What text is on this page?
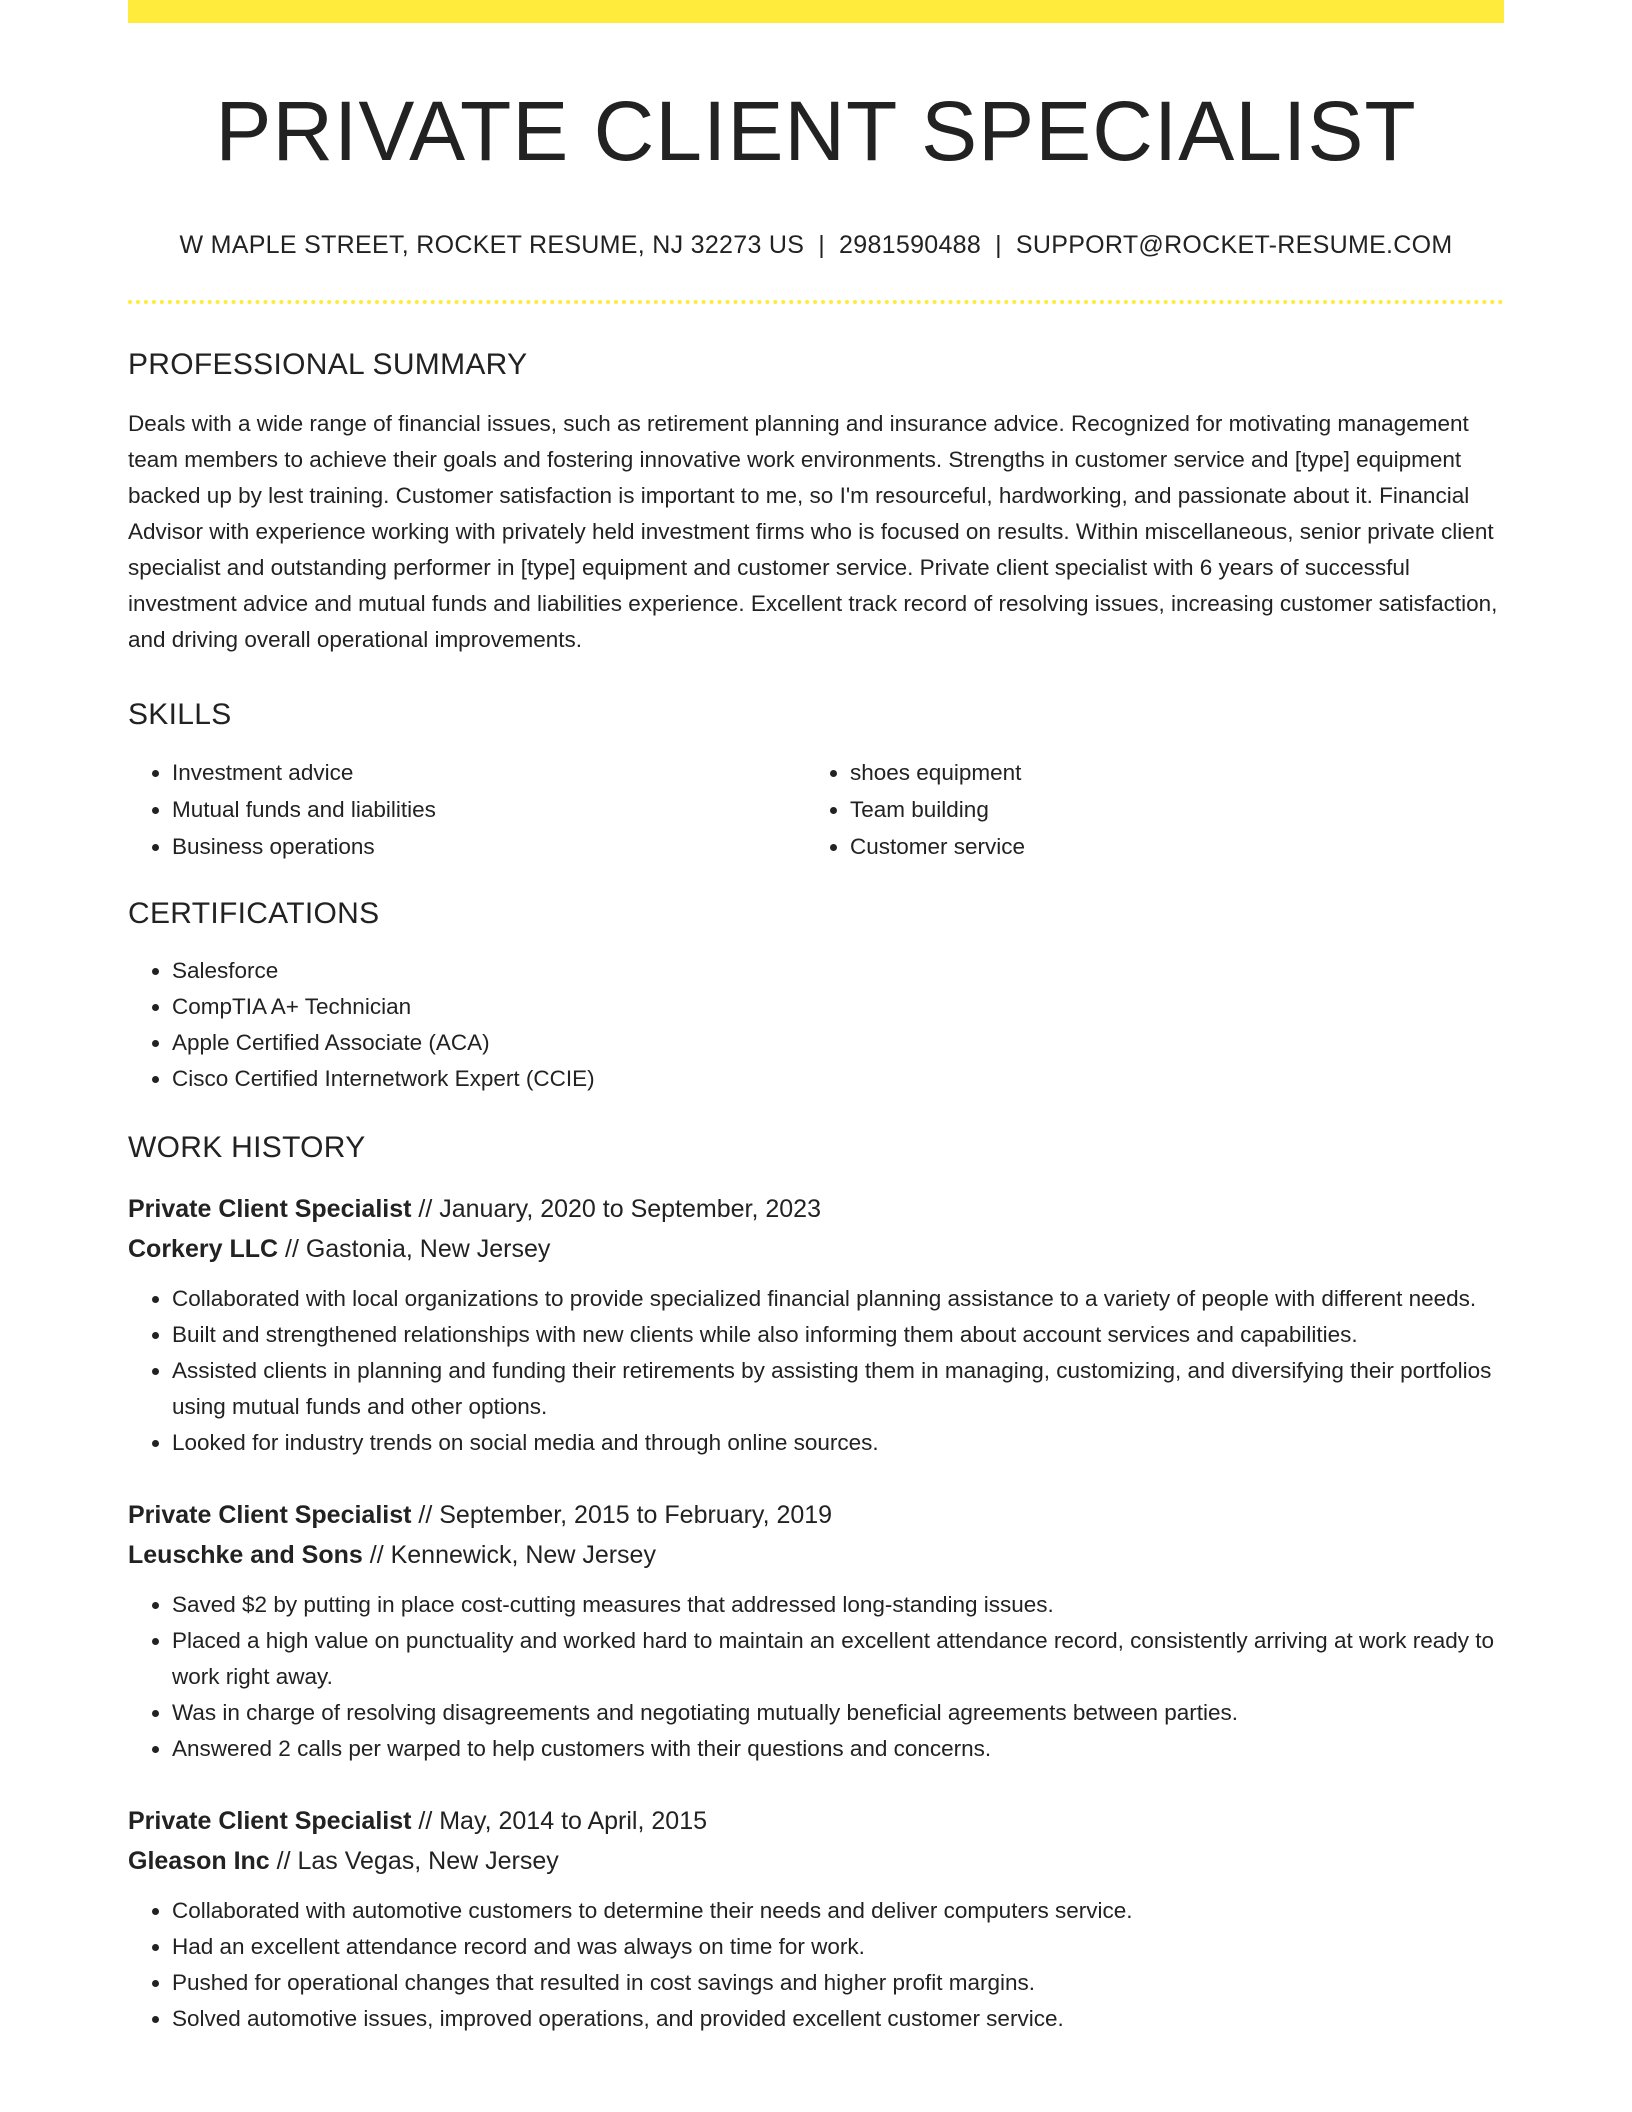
PRIVATE CLIENT SPECIALIST
W MAPLE STREET, ROCKET RESUME, NJ 32273 US | 2981590488 | SUPPORT@ROCKET-RESUME.COM
PROFESSIONAL SUMMARY
Deals with a wide range of financial issues, such as retirement planning and insurance advice. Recognized for motivating management team members to achieve their goals and fostering innovative work environments. Strengths in customer service and [type] equipment backed up by lest training. Customer satisfaction is important to me, so I'm resourceful, hardworking, and passionate about it. Financial Advisor with experience working with privately held investment firms who is focused on results. Within miscellaneous, senior private client specialist and outstanding performer in [type] equipment and customer service. Private client specialist with 6 years of successful investment advice and mutual funds and liabilities experience. Excellent track record of resolving issues, increasing customer satisfaction, and driving overall operational improvements.
SKILLS
• Investment advice
• Mutual funds and liabilities
• Business operations
• shoes equipment
• Team building
• Customer service
CERTIFICATIONS
• Salesforce
• CompTIA A+ Technician
• Apple Certified Associate (ACA)
• Cisco Certified Internetwork Expert (CCIE)
WORK HISTORY
Private Client Specialist // January, 2020 to September, 2023
Corkery LLC // Gastonia, New Jersey
• Collaborated with local organizations to provide specialized financial planning assistance to a variety of people with different needs.
• Built and strengthened relationships with new clients while also informing them about account services and capabilities.
• Assisted clients in planning and funding their retirements by assisting them in managing, customizing, and diversifying their portfolios using mutual funds and other options.
• Looked for industry trends on social media and through online sources.
Private Client Specialist // September, 2015 to February, 2019
Leuschke and Sons // Kennewick, New Jersey
• Saved $2 by putting in place cost-cutting measures that addressed long-standing issues.
• Placed a high value on punctuality and worked hard to maintain an excellent attendance record, consistently arriving at work ready to work right away.
• Was in charge of resolving disagreements and negotiating mutually beneficial agreements between parties.
• Answered 2 calls per warped to help customers with their questions and concerns.
Private Client Specialist // May, 2014 to April, 2015
Gleason Inc // Las Vegas, New Jersey
• Collaborated with automotive customers to determine their needs and deliver computers service.
• Had an excellent attendance record and was always on time for work.
• Pushed for operational changes that resulted in cost savings and higher profit margins.
• Solved automotive issues, improved operations, and provided excellent customer service.
